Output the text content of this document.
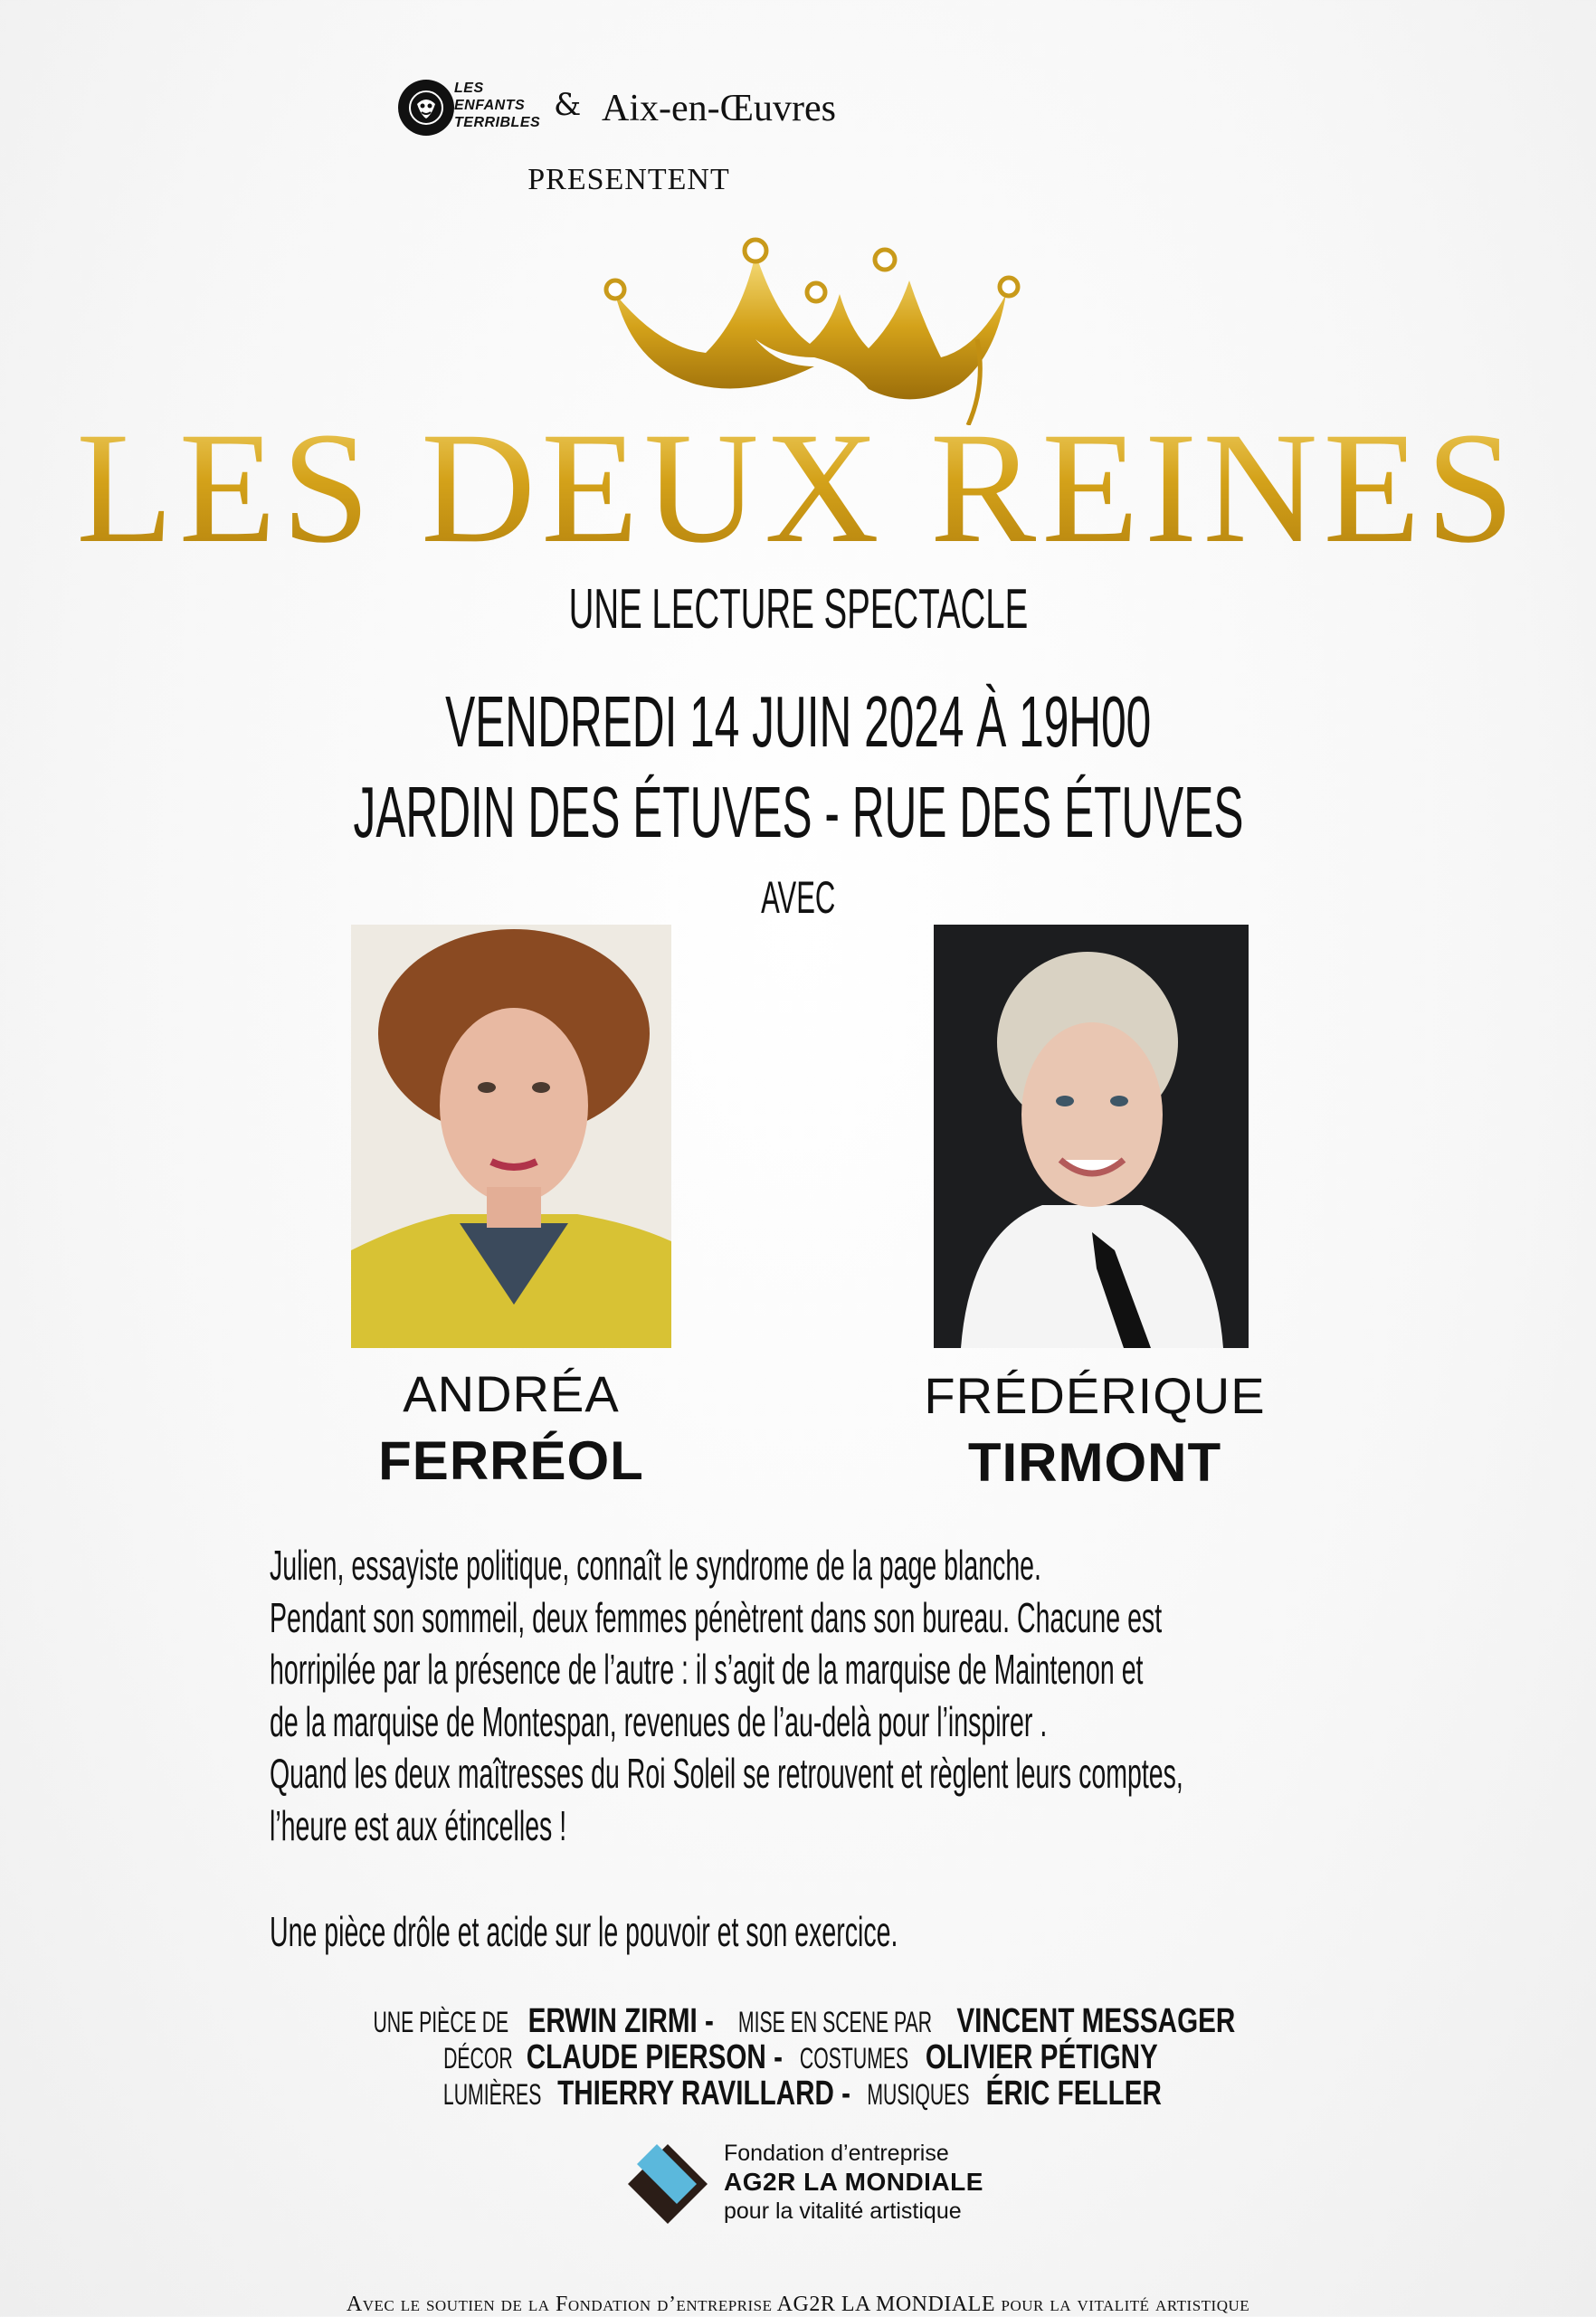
LES ENFANTS TERRIBLES & Aix-en-Œuvres
PRESENTENT
LES DEUX REINES
UNE LECTURE SPECTACLE
VENDREDI 14 JUIN 2024 À 19H00
JARDIN DES ÉTUVES - RUE DES ÉTUVES
AVEC
ANDRÉA
FERRÉOL
FRÉDÉRIQUE
TIRMONT
Julien, essayiste politique, connaît le syndrome de la page blanche.
Pendant son sommeil, deux femmes pénètrent dans son bureau. Chacune est
horripilée par la présence de l’autre : il s’agit de la marquise de Maintenon et
de la marquise de Montespan, revenues de l’au-delà pour l’inspirer .
Quand les deux maîtresses du Roi Soleil se retrouvent et règlent leurs comptes,
l’heure est aux étincelles !
Une pièce drôle et acide sur le pouvoir et son exercice.
UNE PIÈCE DE ERWIN ZIRMI - MISE EN SCENE PAR VINCENT MESSAGER
DÉCOR CLAUDE PIERSON - COSTUMES OLIVIER PÉTIGNY
LUMIÈRES THIERRY RAVILLARD - MUSIQUES ÉRIC FELLER
Fondation d’entreprise
AG2R LA MONDIALE
pour la vitalité artistique
Avec le soutien de la Fondation d’entreprise AG2R LA MONDIALE pour la vitalité artistique
